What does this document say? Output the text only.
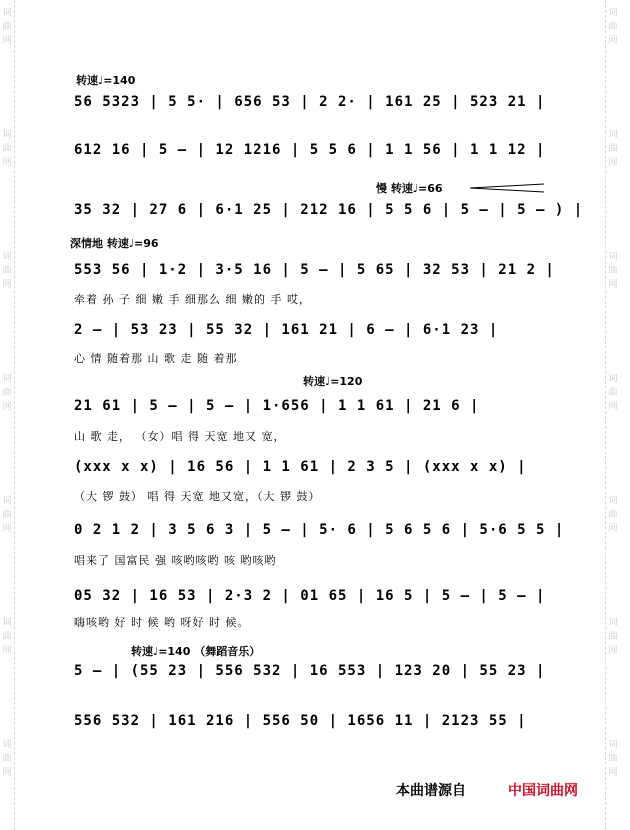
词
曲
网
词
曲
网
词
曲
网
词
曲
网
词
曲
网
词
曲
网
词
曲
网
词
曲
网
词
曲
网
词
曲
网
词
曲
网
词
曲
网
词
曲
网
词
曲
网
转速♩=140
慢 转速♩=66
深情地 转速♩=96
转速♩=120
转速♩=140 （舞蹈音乐）
56 5323 | 5 5· | 656 53 | 2 2· | 161 25 | 523 21 |
612 16 | 5 – | 12 1216 | 5 5 6 | 1 1 56 | 1 1 12 |
35 32 | 27 6 | 6·1 25 | 212 16 | 5 5 6 | 5 – | 5 – ) |
553 56 | 1·2 | 3·5 16 | 5 – | 5 65 | 32 53 | 21 2 |
牵着 孙 子 细 嫩 手 细那么 细 嫩的 手 哎，
2 – | 53 23 | 55 32 | 161 21 | 6 – | 6·1 23 |
心 情 随着那 山 歌 走 随 着那
21 61 | 5 – | 5 – | 1·656 | 1 1 61 | 21 6 |
山 歌 走， （女）唱 得 天宽 地又 宽，
(xxx x x) | 16 56 | 1 1 61 | 2 3 5 | (xxx x x) |
（大 锣 鼓） 唱 得 天宽 地又宽，（大 锣 鼓）
0 2 1 2 | 3 5 6 3 | 5 – | 5· 6 | 5 6 5 6 | 5·6 5 5 |
唱来了 国富民 强 咳哟咳哟 咳 哟咳哟
05 32 | 16 53 | 2·3 2 | 01 65 | 16 5 | 5 – | 5 – |
嗨咳哟 好 时 候 哟 呀好 时 候。
5 – | (55 23 | 556 532 | 16 553 | 123 20 | 55 23 |
556 532 | 161 216 | 556 50 | 1656 11 | 2123 55 |
本曲谱源自	中国词曲网
